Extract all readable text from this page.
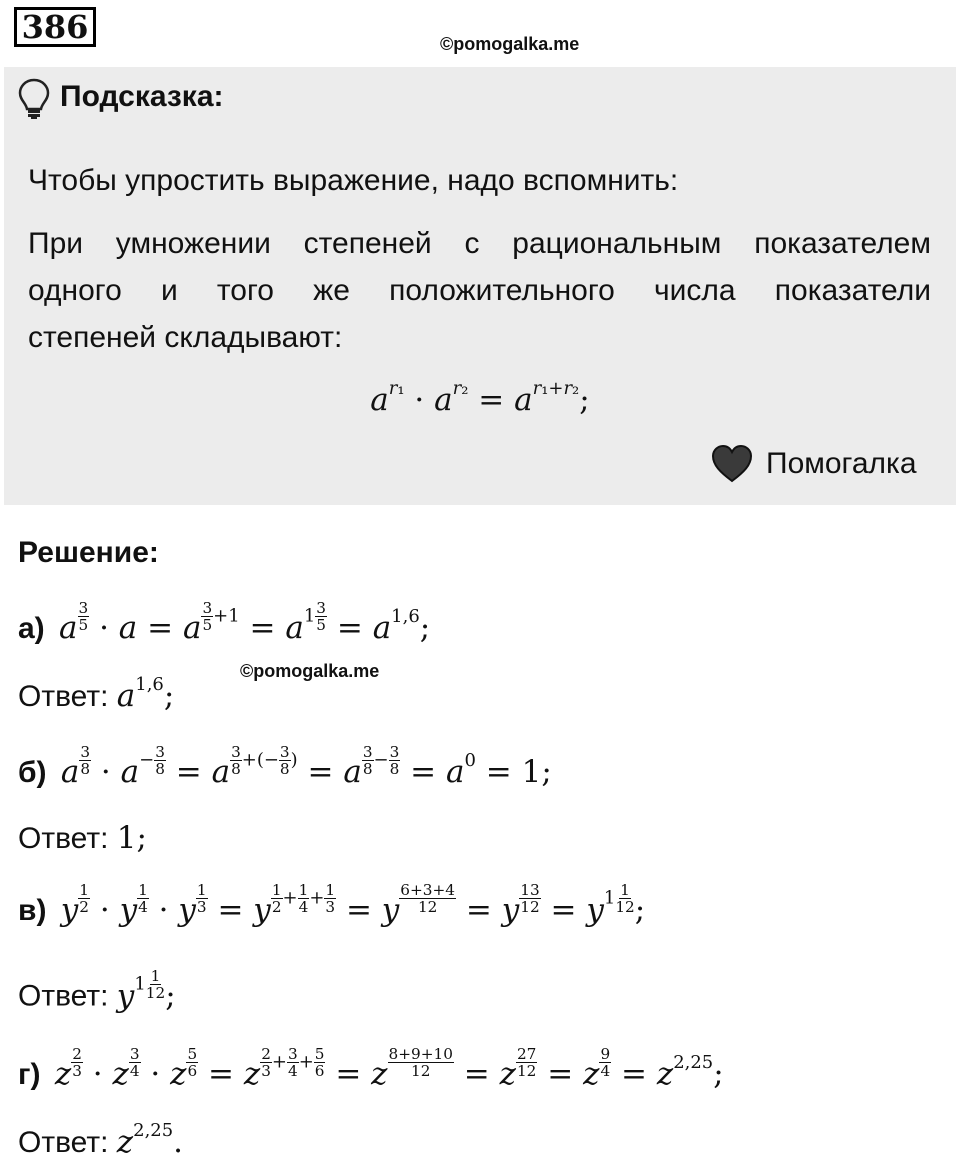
386	©pomogalka.me
Подсказка:
Чтобы упростить выражение, надо вспомнить:
При умножении степеней с рациональным показателем
одного и того же положительного числа показатели
степеней складывают:
ar₁ · ar₂ = ar₁+r₂;
Помогалка
Решение:
а) a $\frac{3}{5} \cdot a = a \frac{3}{5} +1 = a1 \frac{3}{5} = a1,6$;
©pomogalka.me
Ответ: a1,6;
б) a $\frac{3}{8} \cdot a- \frac{3}{8} = a \frac{3}{8}$ +(− $\frac{3}{8}$ ) = a $\frac{3}{8} - \frac{3}{8} = a0 = 1$;
Ответ: 1;
в) y $\frac{1}{2} \cdot y \frac{1}{4} \cdot y \frac{1}{3} = y \frac{1}{2} + \frac{1}{4} + \frac{1}{3} = y \frac{6+3+4}{12} = y \frac{13}{12} = y1 \frac{1}{12}$ ;
Ответ: $y1 \frac{1}{12}$ ;
г) z $\frac{2}{3} \cdot z \frac{3}{4} \cdot z \frac{5}{6} = z \frac{2}{3} + \frac{3}{4} + \frac{5}{6} = z \frac{8+9+10}{12} = z \frac{27}{12} = z \frac{9}{4} = z2,25$;
Ответ: z2,25.
